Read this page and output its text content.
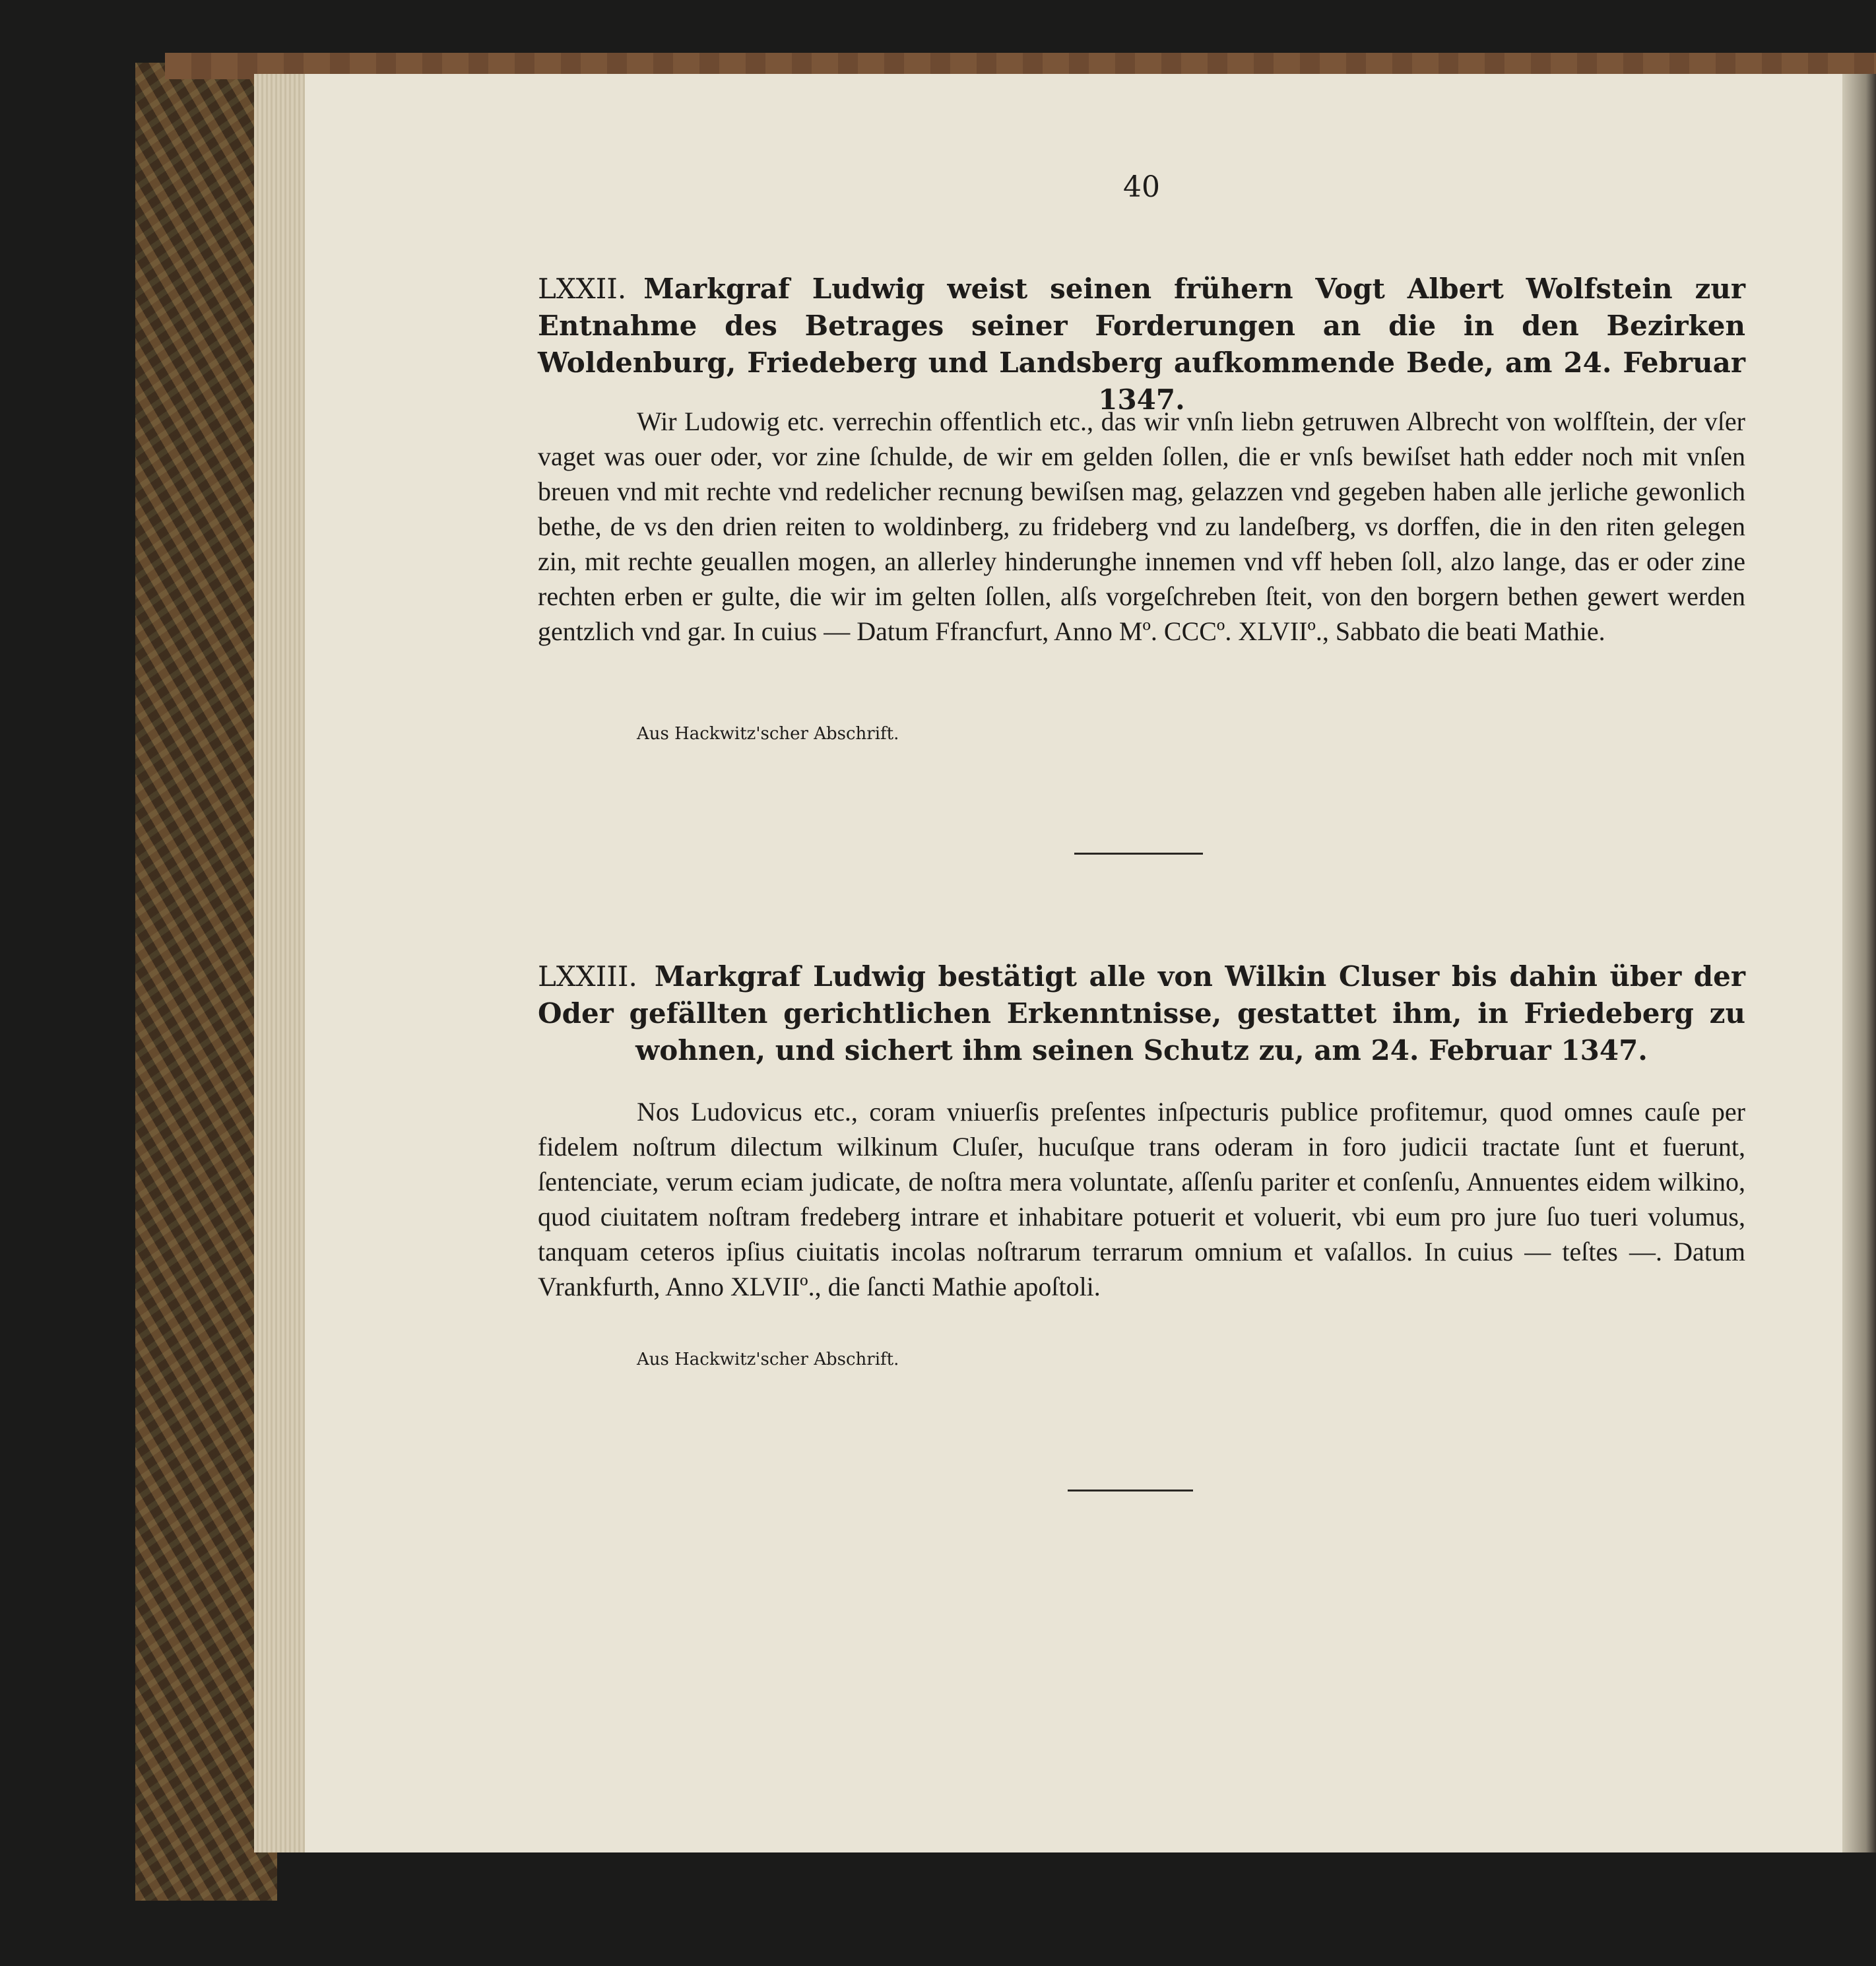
40
LXXII. Markgraf Ludwig weist seinen frühern Vogt Albert Wolfstein zur Entnahme des Betrages seiner Forderungen an die in den Bezirken Woldenburg, Friedeberg und Landsberg aufkommende Bede, am 24. Februar 1347.
Wir Ludowig etc. verrechin offentlich etc., das wir vnſn liebn getruwen Albrecht von wolfſtein, der vſer vaget was ouer oder, vor zine ſchulde, de wir em gelden ſollen, die er vnſs bewiſset hath edder noch mit vnſen breuen vnd mit rechte vnd redelicher recnung bewiſsen mag, gelazzen vnd gegeben haben alle jerliche gewonlich bethe, de vs den drien reiten to woldinberg, zu frideberg vnd zu landeſberg, vs dorffen, die in den riten gelegen zin, mit rechte geuallen mogen, an allerley hinderunghe innemen vnd vff heben ſoll, alzo lange, das er oder zine rechten erben er gulte, die wir im gelten ſollen, alſs vorgeſchreben ſteit, von den borgern bethen gewert werden gentzlich vnd gar. In cuius — Datum Ffrancfurt, Anno Mº. CCCº. XLVIIº., Sabbato die beati Mathie.
Aus Hackwitz'scher Abschrift.
LXXIII. Markgraf Ludwig bestätigt alle von Wilkin Cluser bis dahin über der Oder gefällten gerichtlichen Erkenntnisse, gestattet ihm, in Friedeberg zu wohnen, und sichert ihm seinen Schutz zu, am 24. Februar 1347.
Nos Ludovicus etc., coram vniuerſis preſentes inſpecturis publice profitemur, quod omnes cauſe per fidelem noſtrum dilectum wilkinum Cluſer, hucuſque trans oderam in foro judicii tractate ſunt et fuerunt, ſentenciate, verum eciam judicate, de noſtra mera voluntate, aſſenſu pariter et conſenſu, Annuentes eidem wilkino, quod ciuitatem noſtram fredeberg intrare et inhabitare potuerit et voluerit, vbi eum pro jure ſuo tueri volumus, tanquam ceteros ipſius ciuitatis incolas noſtrarum terrarum omnium et vaſallos. In cuius — teſtes —. Datum Vrankfurth, Anno XLVIIº., die ſancti Mathie apoſtoli.
Aus Hackwitz'scher Abschrift.
